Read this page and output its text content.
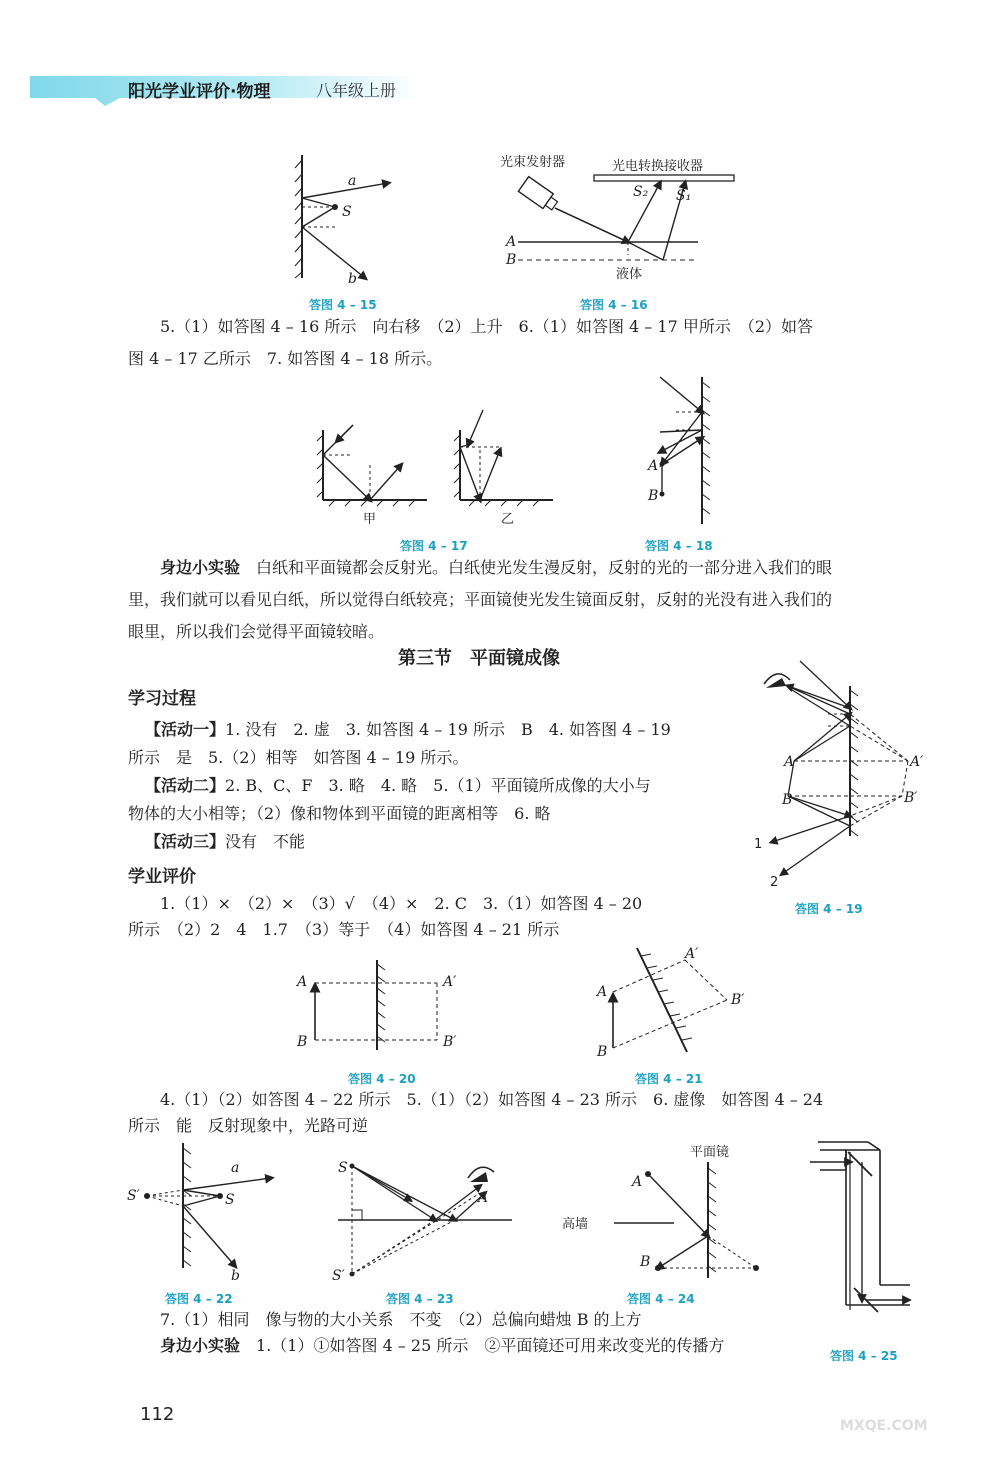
阳光学业评价·物理	八年级上册
S
a
b
答图 4 – 15
光束发射器	光电转换接收器
A
B
S₂ S₁
液体
答图 4 – 16
5.（1）如答图 4 – 16 所示　向右移　（2）上升　6.（1）如答图 4 – 17 甲所示　（2）如答
图 4 – 17 乙所示　7. 如答图 4 – 18 所示。
甲	乙
答图 4 – 17
A
B
答图 4 – 18
身边小实验　 白纸和平面镜都会反射光。白纸使光发生漫反射，反射的光的一部分进入我们的眼
里，我们就可以看见白纸，所以觉得白纸较亮；平面镜使光发生镜面反射，反射的光没有进入我们的
眼里，所以我们会觉得平面镜较暗。
第三节　平面镜成像
学习过程
【活动一】1. 没有　2. 虚　3. 如答图 4 – 19 所示　B　4. 如答图 4 – 19
所示　是　5.（2）相等　如答图 4 – 19 所示。
【活动二】2. B、C、F　3. 略　4. 略　5.（1）平面镜所成像的大小与
物体的大小相等；（2）像和物体到平面镜的距离相等　6. 略
【活动三】没有　不能
学业评价
1.（1）×　（2）×　（3）√　（4）×　2. C　3.（1）如答图 4 – 20
所示　（2）2　4　1.7　（3）等于　（4）如答图 4 – 21 所示
A
B
A′
B′
1
2
答图 4 – 19
A
B
A′
B′
答图 4 – 20
A
B
A′
B′
答图 4 – 21
4.（1）（2）如答图 4 – 22 所示　5.（1）（2）如答图 4 – 23 所示　6. 虚像　如答图 4 – 24
所示　能　反射现象中，光路可逆
S
S′
a
b
答图 4 – 22
A
S
S′
答图 4 – 23
平面镜
高墙
A
B
答图 4 – 24
答图 4 – 25
7.（1）相同　像与物的大小关系　不变　（2）总偏向蜡烛 B 的上方
身边小实验　 1.（1）①如答图 4 – 25 所示　②平面镜还可用来改变光的传播方
112
MXQE.COM
